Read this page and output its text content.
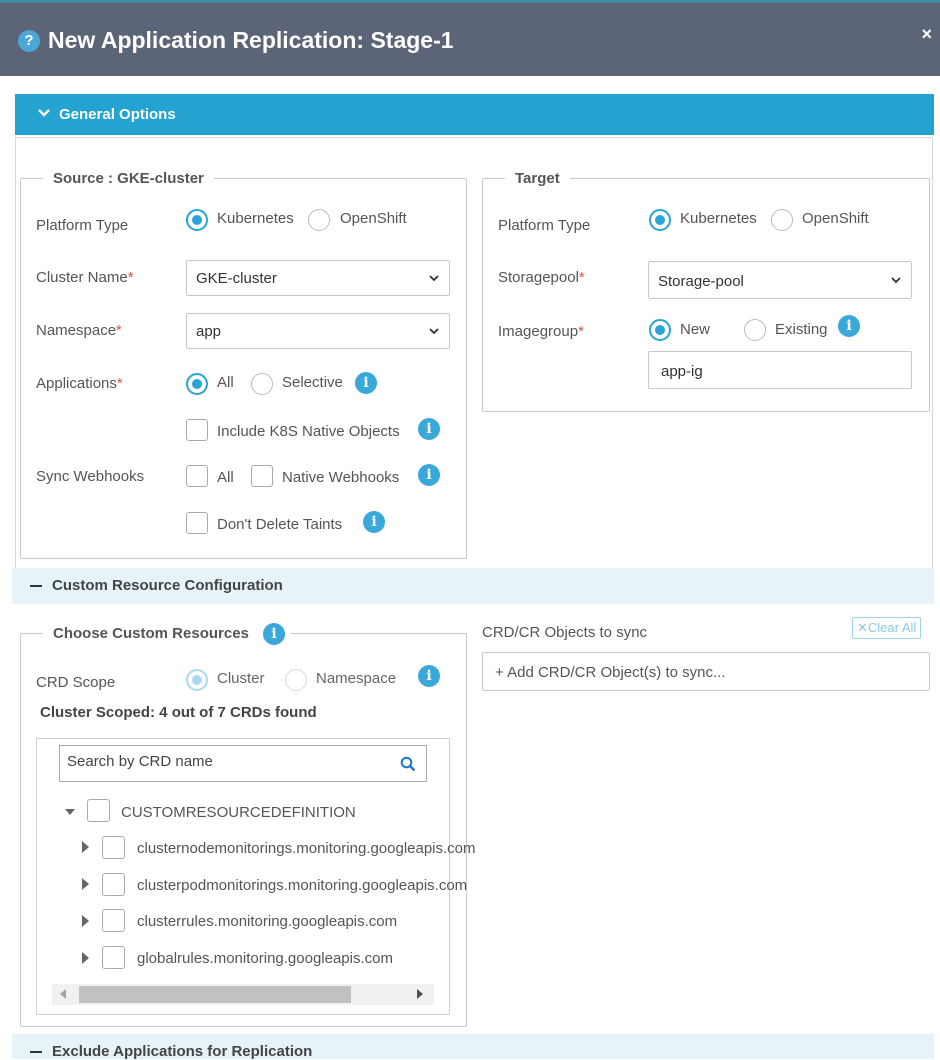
? New Application Replication: Stage-1	×
General Options
Source : GKE-cluster
Platform Type	Kubernetes	OpenShift
Cluster Name*	GKE-cluster
Namespace*	app
Applications*	All	Selective	i
Include K8S Native Objects	i
Sync Webhooks	All	Native Webhooks	i
Don't Delete Taints	i
Target
Platform Type	Kubernetes	OpenShift
Storagepool*	Storage-pool
Imagegroup*	New	Existing	i
app-ig
Custom Resource Configuration
Choose Custom Resources	i
CRD Scope	Cluster	Namespace	i
Cluster Scoped: 4 out of 7 CRDs found
Search by CRD name
CUSTOMRESOURCEDEFINITION
clusternodemonitorings.monitoring.googleapis.com
clusterpodmonitorings.monitoring.googleapis.com
clusterrules.monitoring.googleapis.com
globalrules.monitoring.googleapis.com
CRD/CR Objects to sync	✕Clear All
+ Add CRD/CR Object(s) to sync...
Exclude Applications for Replication
